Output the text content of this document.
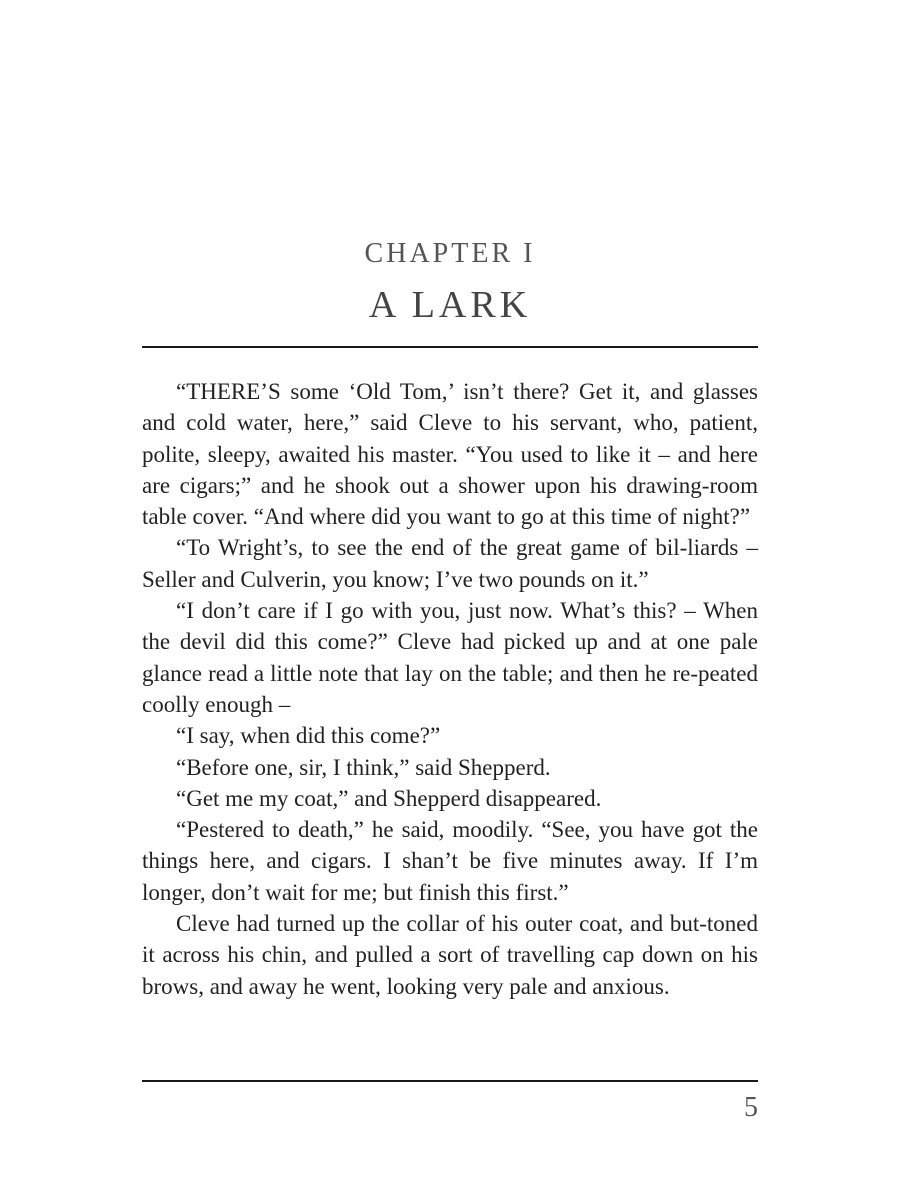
CHAPTER I
A LARK

“THERE’S some ‘Old Tom,’ isn’t there? Get it, and glasses and cold water, here,” said Cleve to his servant, who, patient, polite, sleepy, awaited his master. “You used to like it – and here are cigars;” and he shook out a shower upon his drawing-room table cover. “And where did you want to go at this time of night?”

“To Wright’s, to see the end of the great game of bil-liards – Seller and Culverin, you know; I’ve two pounds on it.”

“I don’t care if I go with you, just now. What’s this? – When the devil did this come?” Cleve had picked up and at one pale glance read a little note that lay on the table; and then he re-peated coolly enough –

“I say, when did this come?”

“Before one, sir, I think,” said Shepperd.

“Get me my coat,” and Shepperd disappeared.

“Pestered to death,” he said, moodily. “See, you have got the things here, and cigars. I shan’t be five minutes away. If I’m longer, don’t wait for me; but finish this first.”

Cleve had turned up the collar of his outer coat, and but-toned it across his chin, and pulled a sort of travelling cap down on his brows, and away he went, looking very pale and anxious.

5
